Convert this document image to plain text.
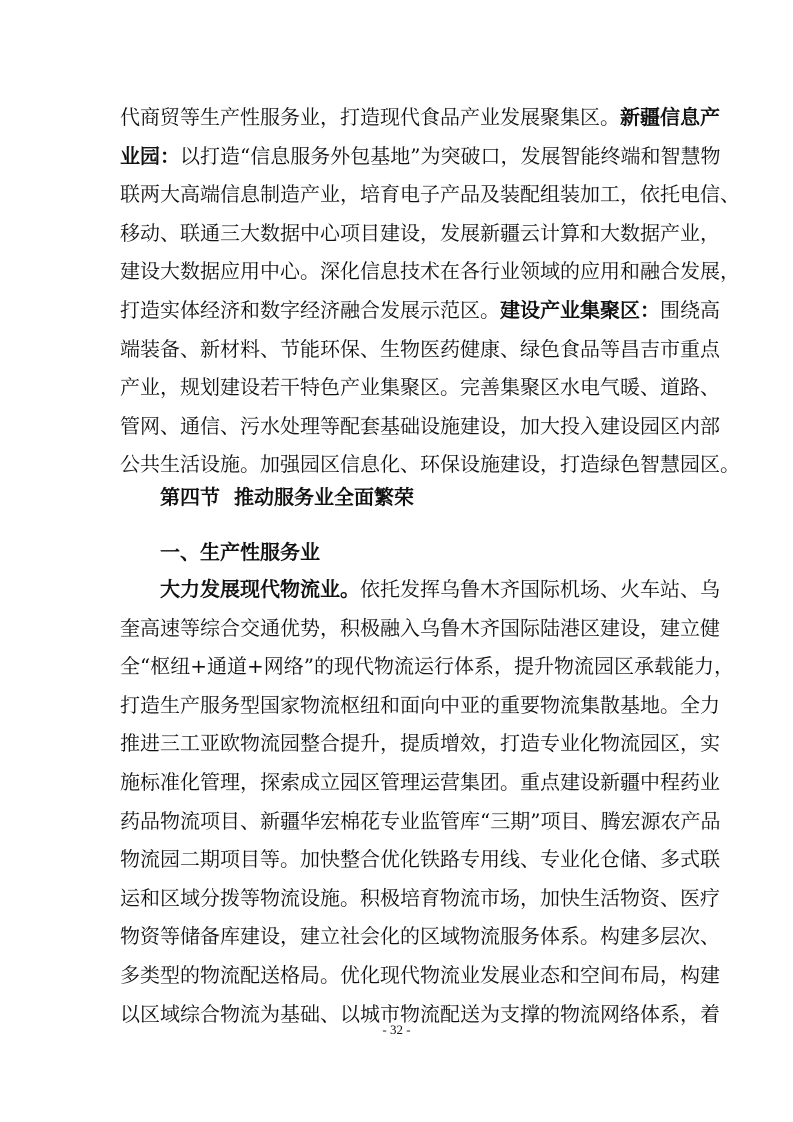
代商贸等生产性服务业，打造现代食品产业发展聚集区。新疆信息产
业园：以打造“信息服务外包基地”为突破口，发展智能终端和智慧物
联两大高端信息制造产业，培育电子产品及装配组装加工，依托电信、
移动、联通三大数据中心项目建设，发展新疆云计算和大数据产业，
建设大数据应用中心。深化信息技术在各行业领域的应用和融合发展，
打造实体经济和数字经济融合发展示范区。建设产业集聚区：围绕高
端装备、新材料、节能环保、生物医药健康、绿色食品等昌吉市重点
产业，规划建设若干特色产业集聚区。完善集聚区水电气暖、道路、
管网、通信、污水处理等配套基础设施建设，加大投入建设园区内部
公共生活设施。加强园区信息化、环保设施建设，打造绿色智慧园区。
第四节 推动服务业全面繁荣
一、生产性服务业
大力发展现代物流业。依托发挥乌鲁木齐国际机场、火车站、乌
奎高速等综合交通优势，积极融入乌鲁木齐国际陆港区建设，建立健
全“枢纽+通道+网络”的现代物流运行体系，提升物流园区承载能力，
打造生产服务型国家物流枢纽和面向中亚的重要物流集散基地。全力
推进三工亚欧物流园整合提升，提质增效，打造专业化物流园区，实
施标准化管理，探索成立园区管理运营集团。重点建设新疆中程药业
药品物流项目、新疆华宏棉花专业监管库“三期”项目、腾宏源农产品
物流园二期项目等。加快整合优化铁路专用线、专业化仓储、多式联
运和区域分拨等物流设施。积极培育物流市场，加快生活物资、医疗
物资等储备库建设，建立社会化的区域物流服务体系。构建多层次、
多类型的物流配送格局。优化现代物流业发展业态和空间布局，构建
以区域综合物流为基础、以城市物流配送为支撑的物流网络体系，着
- 32 -
